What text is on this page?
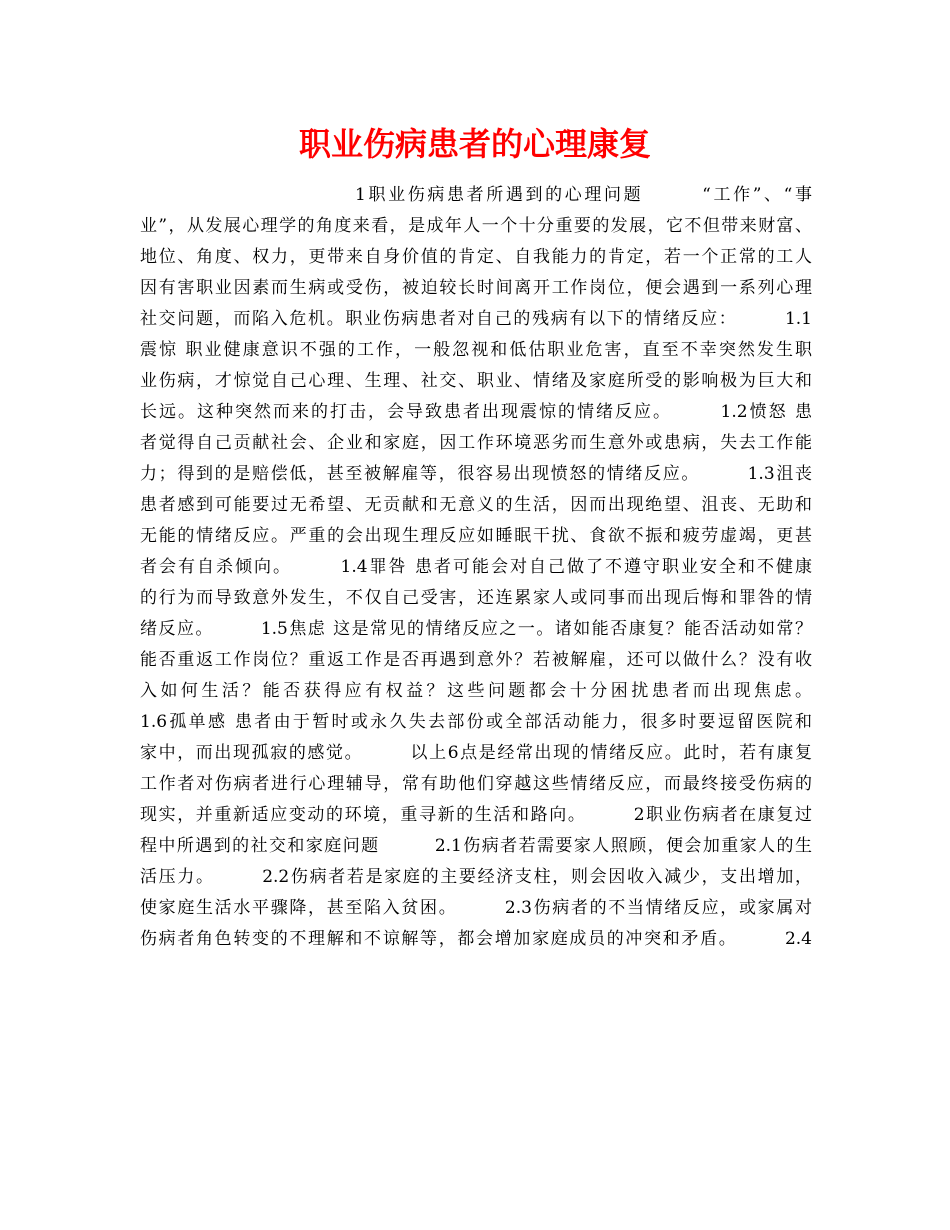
职业伤病患者的心理康复
1职业伤病患者所遇到的心理问题　　　“工作”、“事
业”，从发展心理学的角度来看，是成年人一个十分重要的发展，它不但带来财富、
地位、角度、权力，更带来自身价值的肯定、自我能力的肯定，若一个正常的工人
因有害职业因素而生病或受伤，被迫较长时间离开工作岗位，便会遇到一系列心理
社交问题，而陷入危机。职业伤病患者对自己的残病有以下的情绪反应：　　　1.1
震惊 职业健康意识不强的工作，一般忽视和低估职业危害，直至不幸突然发生职
业伤病，才惊觉自己心理、生理、社交、职业、情绪及家庭所受的影响极为巨大和
长远。这种突然而来的打击，会导致患者出现震惊的情绪反应。　　　1.2愤怒 患
者觉得自己贡献社会、企业和家庭，因工作环境恶劣而生意外或患病，失去工作能
力；得到的是赔偿低，甚至被解雇等，很容易出现愤怒的情绪反应。　　　1.3沮丧
患者感到可能要过无希望、无贡献和无意义的生活，因而出现绝望、沮丧、无助和
无能的情绪反应。严重的会出现生理反应如睡眠干扰、食欲不振和疲劳虚竭，更甚
者会有自杀倾向。　　　1.4罪咎 患者可能会对自己做了不遵守职业安全和不健康
的行为而导致意外发生，不仅自己受害，还连累家人或同事而出现后悔和罪咎的情
绪反应。　　　1.5焦虑 这是常见的情绪反应之一。诸如能否康复？能否活动如常？
能否重返工作岗位？重返工作是否再遇到意外？若被解雇，还可以做什么？没有收
入如何生活？能否获得应有权益？这些问题都会十分困扰患者而出现焦虑。
1.6孤单感 患者由于暂时或永久失去部份或全部活动能力，很多时要逗留医院和
家中，而出现孤寂的感觉。　　　以上6点是经常出现的情绪反应。此时，若有康复
工作者对伤病者进行心理辅导，常有助他们穿越这些情绪反应，而最终接受伤病的
现实，并重新适应变动的环境，重寻新的生活和路向。　　　2职业伤病者在康复过
程中所遇到的社交和家庭问题　　　2.1伤病者若需要家人照顾，便会加重家人的生
活压力。　　　2.2伤病者若是家庭的主要经济支柱，则会因收入减少，支出增加，
使家庭生活水平骤降，甚至陷入贫困。　　　2.3伤病者的不当情绪反应，或家属对
伤病者角色转变的不理解和不谅解等，都会增加家庭成员的冲突和矛盾。　　　2.4
